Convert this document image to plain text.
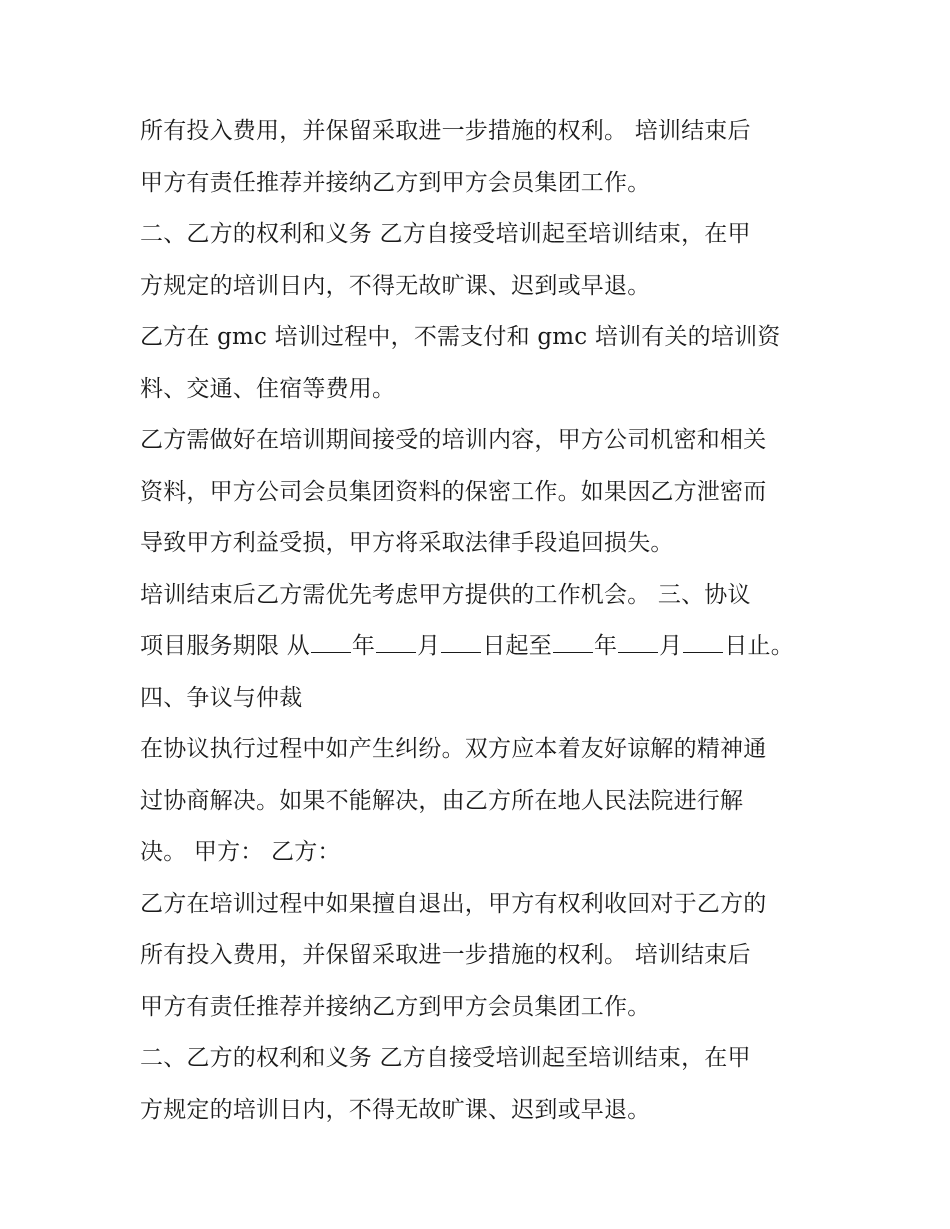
所有投入费用，并保留采取进一步措施的权利。 培训结束后
甲方有责任推荐并接纳乙方到甲方会员集团工作。
二、乙方的权利和义务 乙方自接受培训起至培训结束，在甲
方规定的培训日内，不得无故旷课、迟到或早退。
乙方在 gmc 培训过程中，不需支付和 gmc 培训有关的培训资
料、交通、住宿等费用。
乙方需做好在培训期间接受的培训内容，甲方公司机密和相关
资料，甲方公司会员集团资料的保密工作。如果因乙方泄密而
导致甲方利益受损，甲方将采取法律手段追回损失。
培训结束后乙方需优先考虑甲方提供的工作机会。 三、协议
项目服务期限 从 年 月 日起至 年 月 日止。
四、争议与仲裁
在协议执行过程中如产生纠纷。双方应本着友好谅解的精神通
过协商解决。如果不能解决，由乙方所在地人民法院进行解
决。 甲方： 乙方：
乙方在培训过程中如果擅自退出，甲方有权利收回对于乙方的
所有投入费用，并保留采取进一步措施的权利。 培训结束后
甲方有责任推荐并接纳乙方到甲方会员集团工作。
二、乙方的权利和义务 乙方自接受培训起至培训结束，在甲
方规定的培训日内，不得无故旷课、迟到或早退。
